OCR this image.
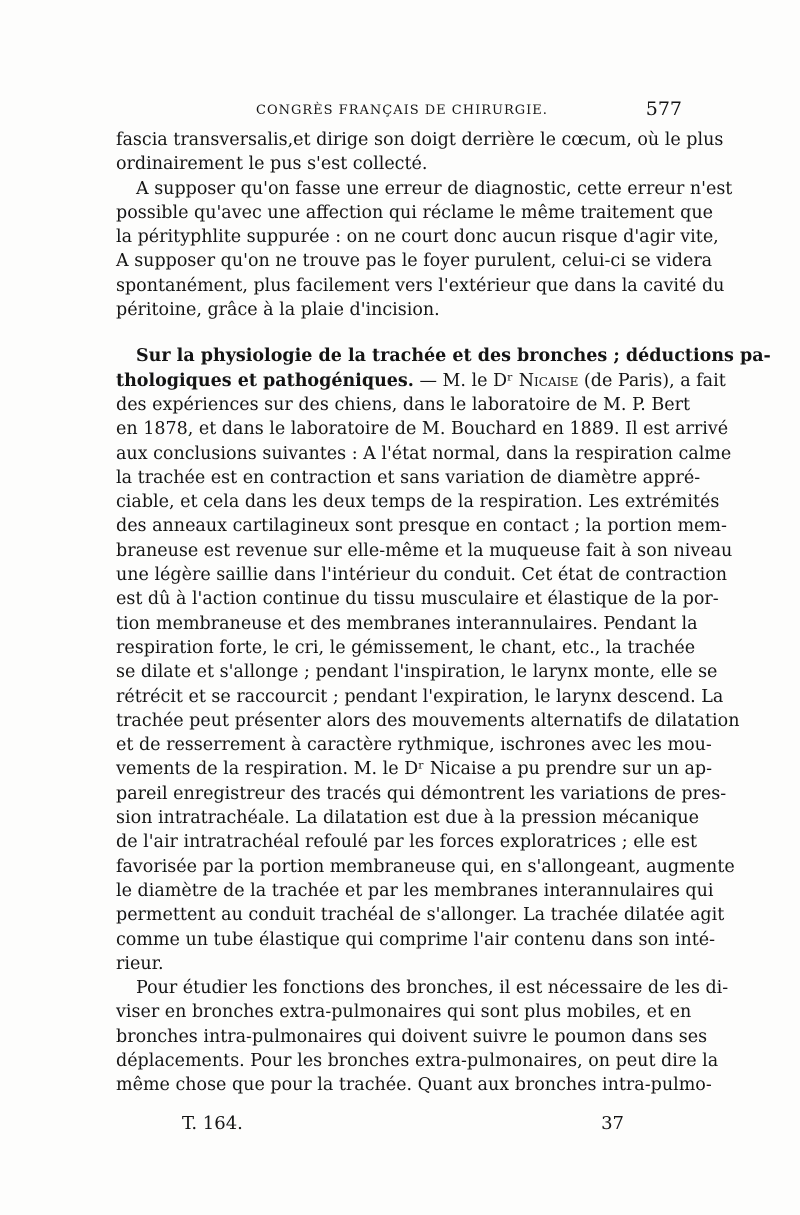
CONGRÈS FRANÇAIS DE CHIRURGIE.	577
fascia transversalis,et dirige son doigt derrière le cœcum, où le plus
ordinairement le pus s'est collecté.
A supposer qu'on fasse une erreur de diagnostic, cette erreur n'est
possible qu'avec une affection qui réclame le même traitement que
la pérityphlite suppurée : on ne court donc aucun risque d'agir vite,
A supposer qu'on ne trouve pas le foyer purulent, celui-ci se videra
spontanément, plus facilement vers l'extérieur que dans la cavité du
péritoine, grâce à la plaie d'incision.
Sur la physiologie de la trachée et des bronches ; déductions pa-
thologiques et pathogéniques. — M. le Dʳ Nicaise (de Paris), a fait
des expériences sur des chiens, dans le laboratoire de M. P. Bert
en 1878, et dans le laboratoire de M. Bouchard en 1889. Il est arrivé
aux conclusions suivantes : A l'état normal, dans la respiration calme
la trachée est en contraction et sans variation de diamètre appré-
ciable, et cela dans les deux temps de la respiration. Les extrémités
des anneaux cartilagineux sont presque en contact ; la portion mem-
braneuse est revenue sur elle-même et la muqueuse fait à son niveau
une légère saillie dans l'intérieur du conduit. Cet état de contraction
est dû à l'action continue du tissu musculaire et élastique de la por-
tion membraneuse et des membranes interannulaires. Pendant la
respiration forte, le cri, le gémissement, le chant, etc., la trachée
se dilate et s'allonge ; pendant l'inspiration, le larynx monte, elle se
rétrécit et se raccourcit ; pendant l'expiration, le larynx descend. La
trachée peut présenter alors des mouvements alternatifs de dilatation
et de resserrement à caractère rythmique, ischrones avec les mou-
vements de la respiration. M. le Dʳ Nicaise a pu prendre sur un ap-
pareil enregistreur des tracés qui démontrent les variations de pres-
sion intratrachéale. La dilatation est due à la pression mécanique
de l'air intratrachéal refoulé par les forces exploratrices ; elle est
favorisée par la portion membraneuse qui, en s'allongeant, augmente
le diamètre de la trachée et par les membranes interannulaires qui
permettent au conduit trachéal de s'allonger. La trachée dilatée agit
comme un tube élastique qui comprime l'air contenu dans son inté-
rieur.
Pour étudier les fonctions des bronches, il est nécessaire de les di-
viser en bronches extra-pulmonaires qui sont plus mobiles, et en
bronches intra-pulmonaires qui doivent suivre le poumon dans ses
déplacements. Pour les bronches extra-pulmonaires, on peut dire la
même chose que pour la trachée. Quant aux bronches intra-pulmo-
T. 164.	37
